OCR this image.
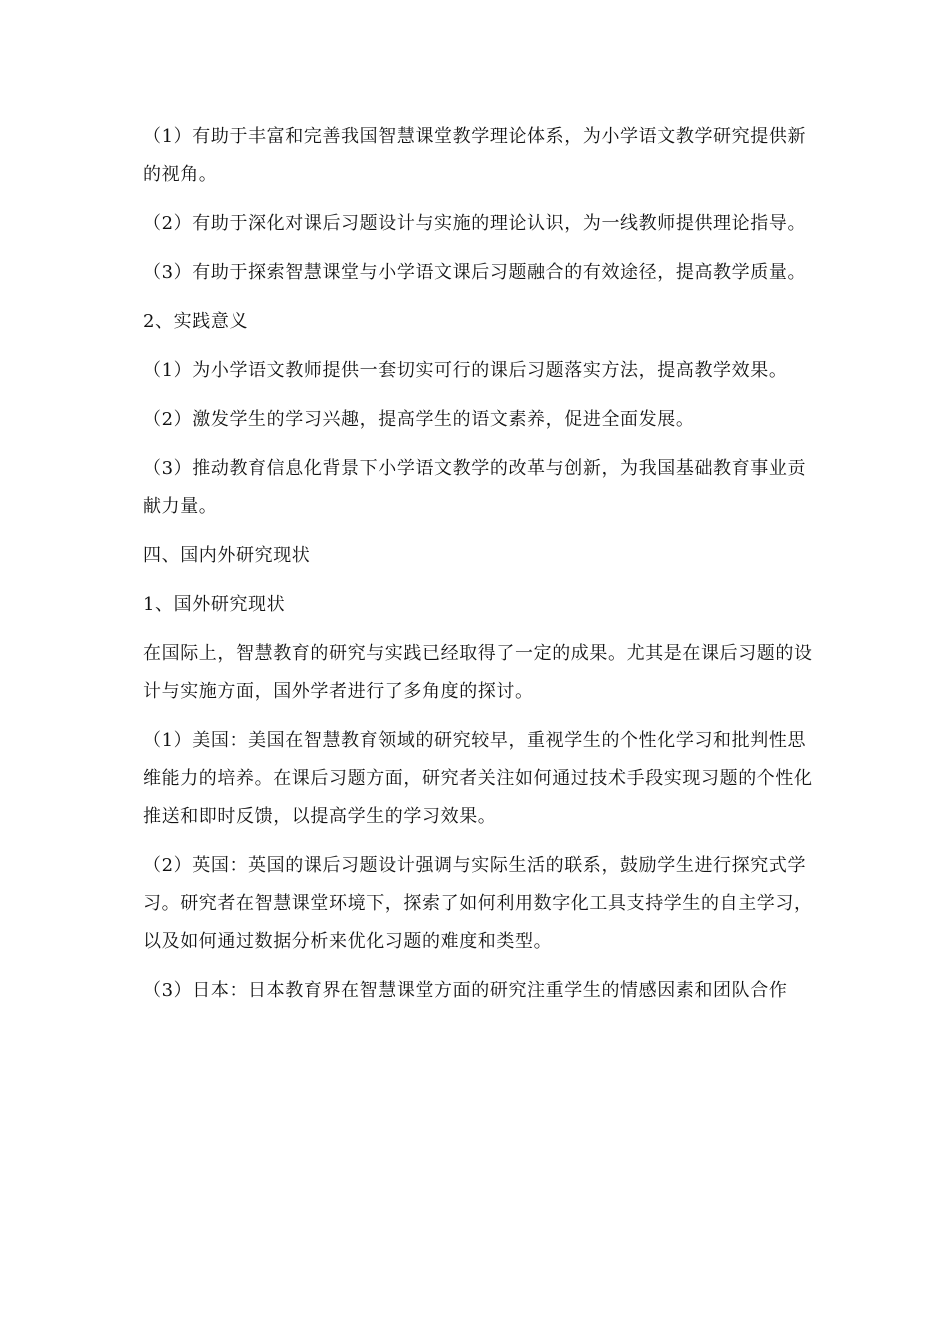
（1）有助于丰富和完善我国智慧课堂教学理论体系，为小学语文教学研究提供新的视角。

（2）有助于深化对课后习题设计与实施的理论认识，为一线教师提供理论指导。

（3）有助于探索智慧课堂与小学语文课后习题融合的有效途径，提高教学质量。

2、实践意义

（1）为小学语文教师提供一套切实可行的课后习题落实方法，提高教学效果。

（2）激发学生的学习兴趣，提高学生的语文素养，促进全面发展。

（3）推动教育信息化背景下小学语文教学的改革与创新，为我国基础教育事业贡献力量。

四、国内外研究现状

1、国外研究现状

在国际上，智慧教育的研究与实践已经取得了一定的成果。尤其是在课后习题的设计与实施方面，国外学者进行了多角度的探讨。

（1）美国：美国在智慧教育领域的研究较早，重视学生的个性化学习和批判性思维能力的培养。在课后习题方面，研究者关注如何通过技术手段实现习题的个性化推送和即时反馈，以提高学生的学习效果。

（2）英国：英国的课后习题设计强调与实际生活的联系，鼓励学生进行探究式学习。研究者在智慧课堂环境下，探索了如何利用数字化工具支持学生的自主学习，以及如何通过数据分析来优化习题的难度和类型。

（3）日本：日本教育界在智慧课堂方面的研究注重学生的情感因素和团队合作
